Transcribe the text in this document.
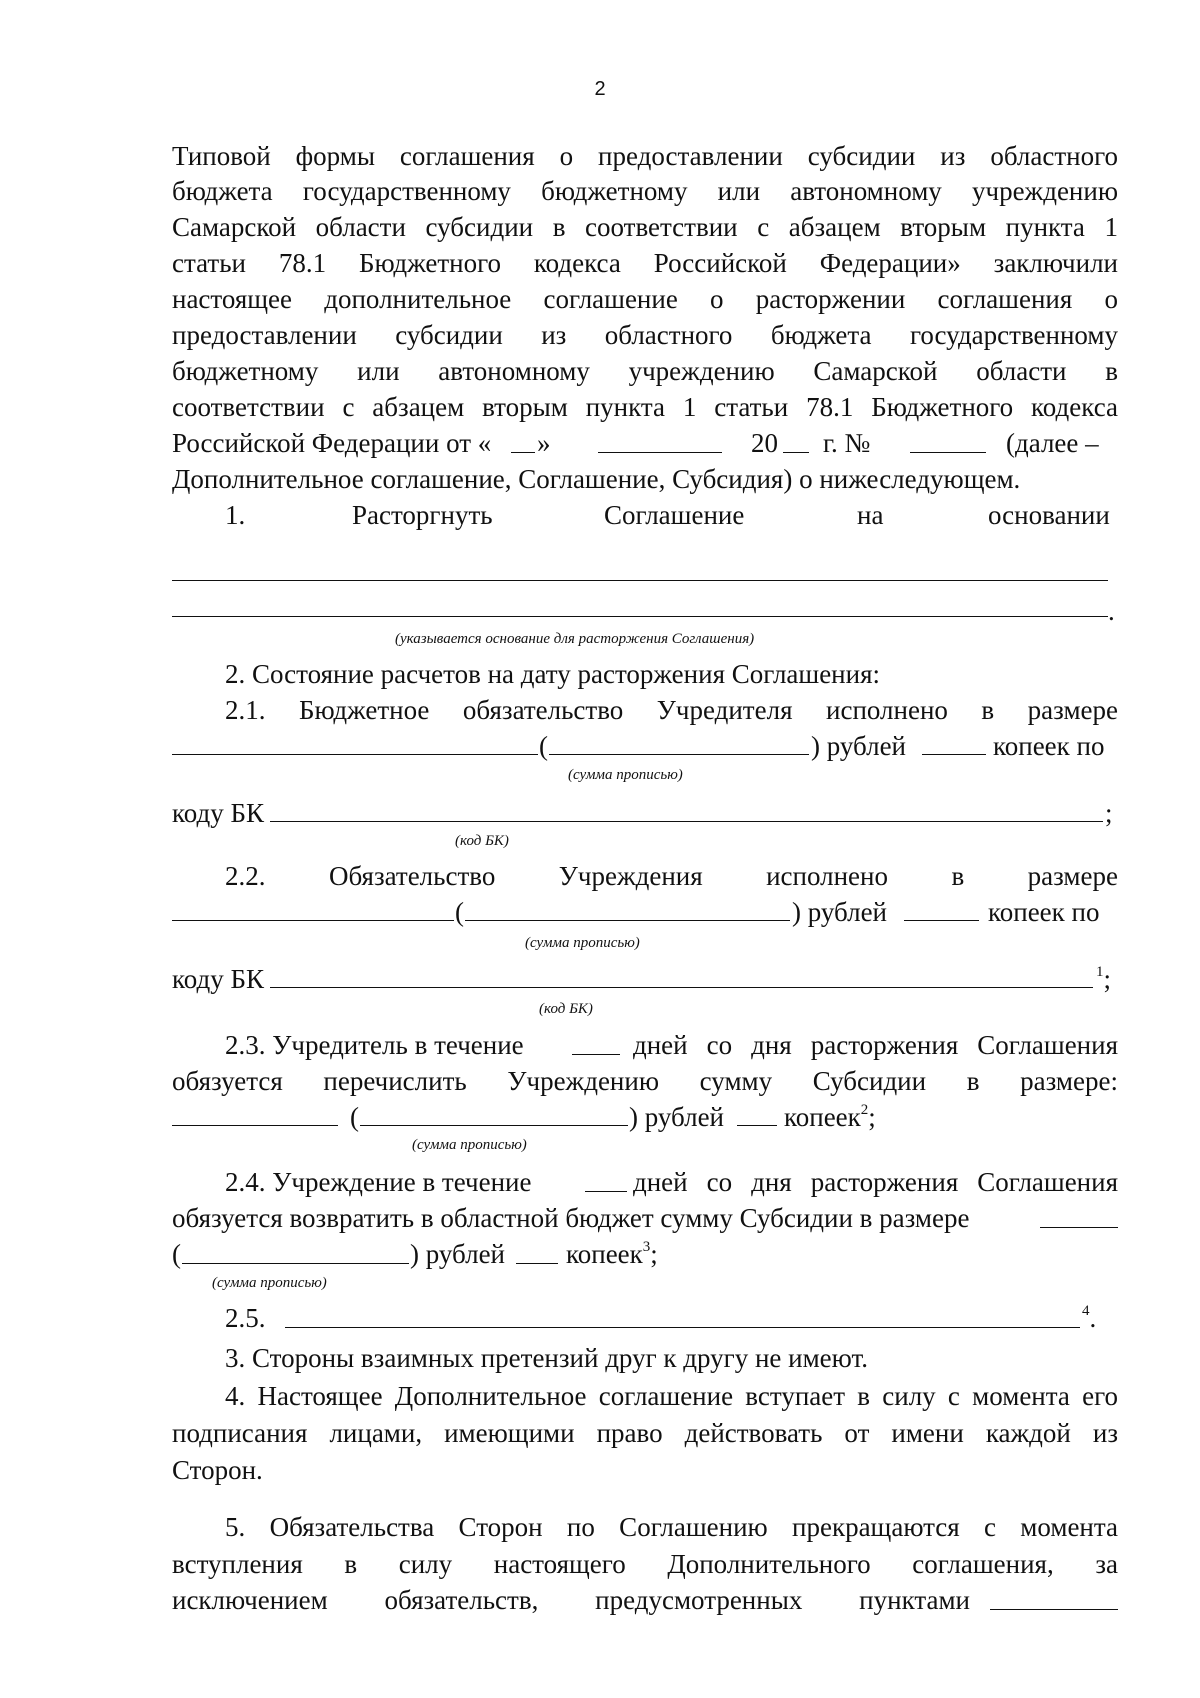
2
Типовой формы соглашения о предоставлении субсидии из областного
бюджета государственному бюджетному или автономному учреждению
Самарской области субсидии в соответствии с абзацем вторым пункта 1
статьи 78.1 Бюджетного кодекса Российской Федерации» заключили
настоящее дополнительное соглашение о расторжении соглашения о
предоставлении субсидии из областного бюджета государственному
бюджетному или автономному учреждению Самарской области в
соответствии с абзацем вторым пункта 1 статьи 78.1 Бюджетного кодекса
Российской Федерации от « »	20 г. №	(далее –
Дополнительное соглашение, Соглашение, Субсидия) о нижеследующем.
1.	Расторгнуть	Соглашение	на	основании
.
(указывается основание для расторжения Соглашения)
2. Состояние расчетов на дату расторжения Соглашения:
2.1. Бюджетное обязательство Учредителя исполнено в размере
(	) рублей	копеек по
(сумма прописью)
коду БК	;
(код БК)
2.2. Обязательство Учреждения исполнено в размере
(	) рублей	копеек по
(сумма прописью)
коду БК	$^1$;
(код БК)
2.3. Учредитель в течение	дней со дня расторжения Соглашения
обязуется перечислить Учреждению сумму Субсидии в размере:
(	) рублей копеек$^2$;
(сумма прописью)
2.4. Учреждение в течение	дней со дня расторжения Соглашения
обязуется возвратить в областной бюджет сумму Субсидии в размере
(	) рублей копеек$^3$;
(сумма прописью)
2.5.	$^4$.
3. Стороны взаимных претензий друг к другу не имеют.
4. Настоящее Дополнительное соглашение вступает в силу с момента его
подписания лицами, имеющими право действовать от имени каждой из
Сторон.
5. Обязательства Сторон по Соглашению прекращаются с момента
вступления в силу настоящего Дополнительного соглашения, за
исключением обязательств, предусмотренных пунктами
